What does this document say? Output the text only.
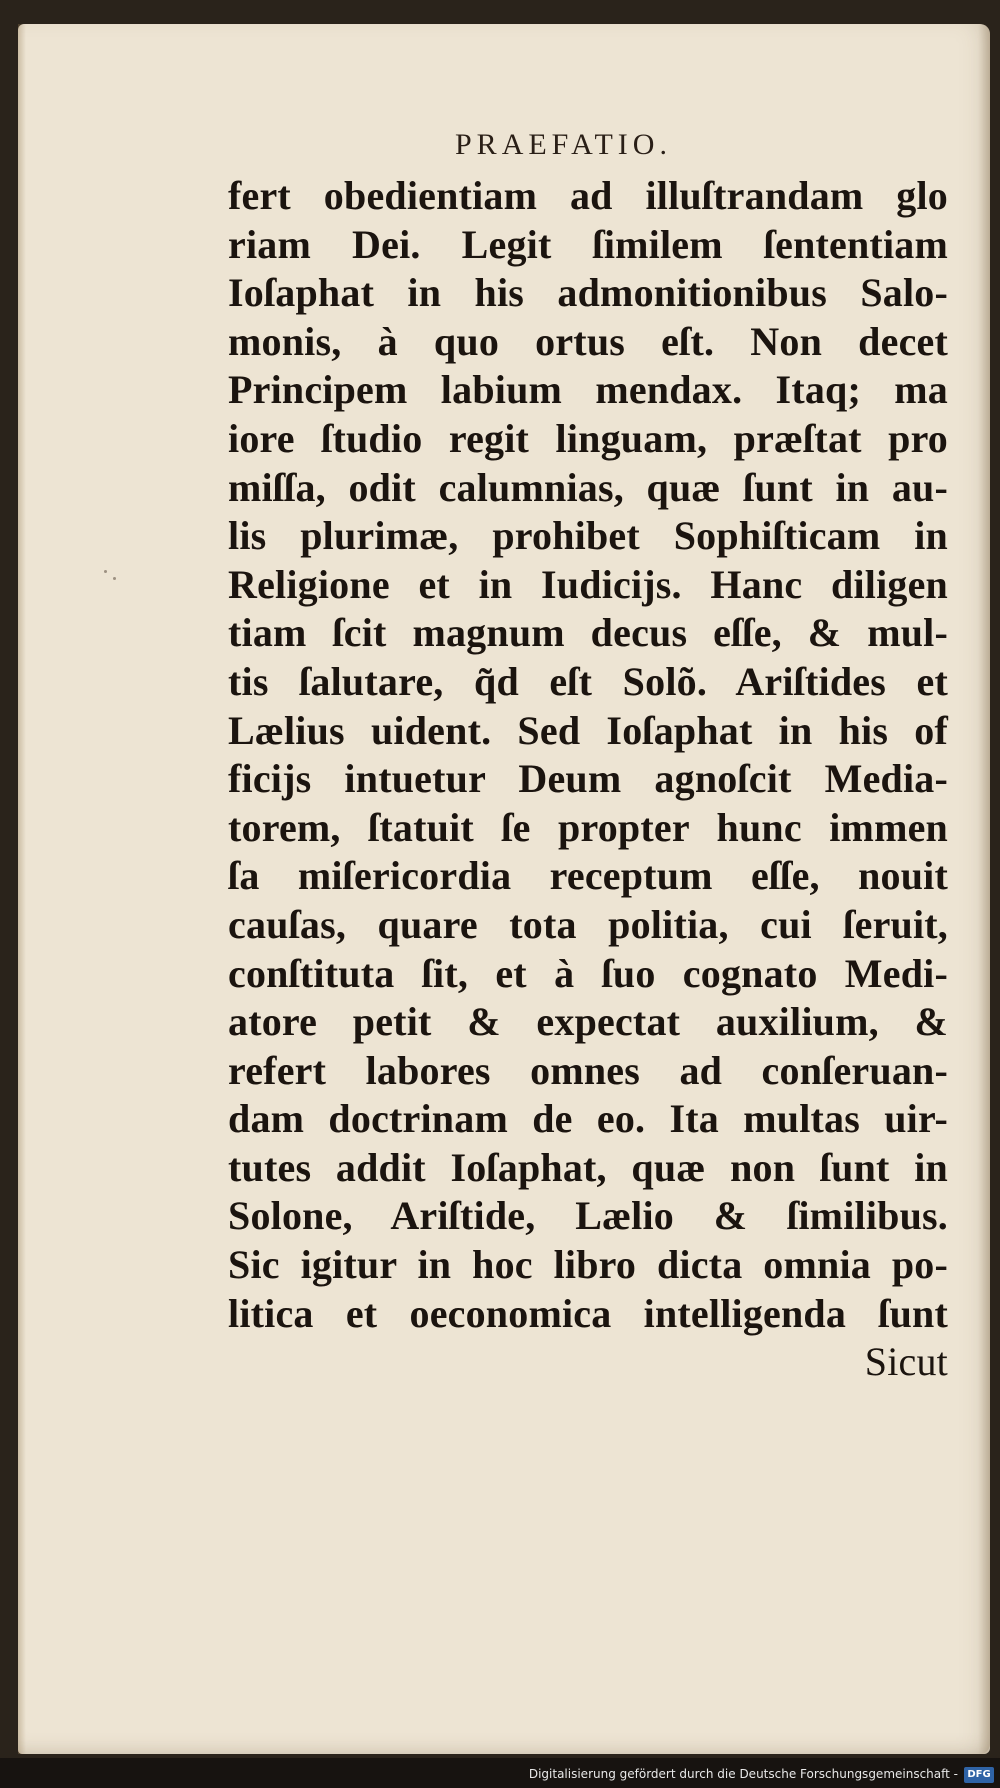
PRAEFATIO.
fert obedientiam ad illuſtrandam glo
riam Dei. Legit ſimilem ſententiam
Ioſaphat in his admonitionibus Salo-
monis, à quo ortus eſt. Non decet
Principem labium mendax. Itaq; ma
iore ſtudio regit linguam, præſtat pro
miſſa, odit calumnias, quæ ſunt in au-
lis plurimæ, prohibet Sophiſticam in
Religione et in Iudicijs. Hanc diligen
tiam ſcit magnum decus eſſe, & mul-
tis ſalutare, q̃d eſt Solõ. Ariſtides et
Lælius uident. Sed Ioſaphat in his of
ficijs intuetur Deum agnoſcit Media-
torem, ſtatuit ſe propter hunc immen
ſa miſericordia receptum eſſe, nouit
cauſas, quare tota politia, cui ſeruit,
conſtituta ſit, et à ſuo cognato Medi-
atore petit & expectat auxilium, &
refert labores omnes ad conſeruan-
dam doctrinam de eo. Ita multas uir-
tutes addit Ioſaphat, quæ non ſunt in
Solone, Ariſtide, Lælio & ſimilibus.
Sic igitur in hoc libro dicta omnia po-
litica et oeconomica intelligenda ſunt
Sicut
Digitalisierung gefördert durch die Deutsche Forschungsgemeinschaft - DFG
